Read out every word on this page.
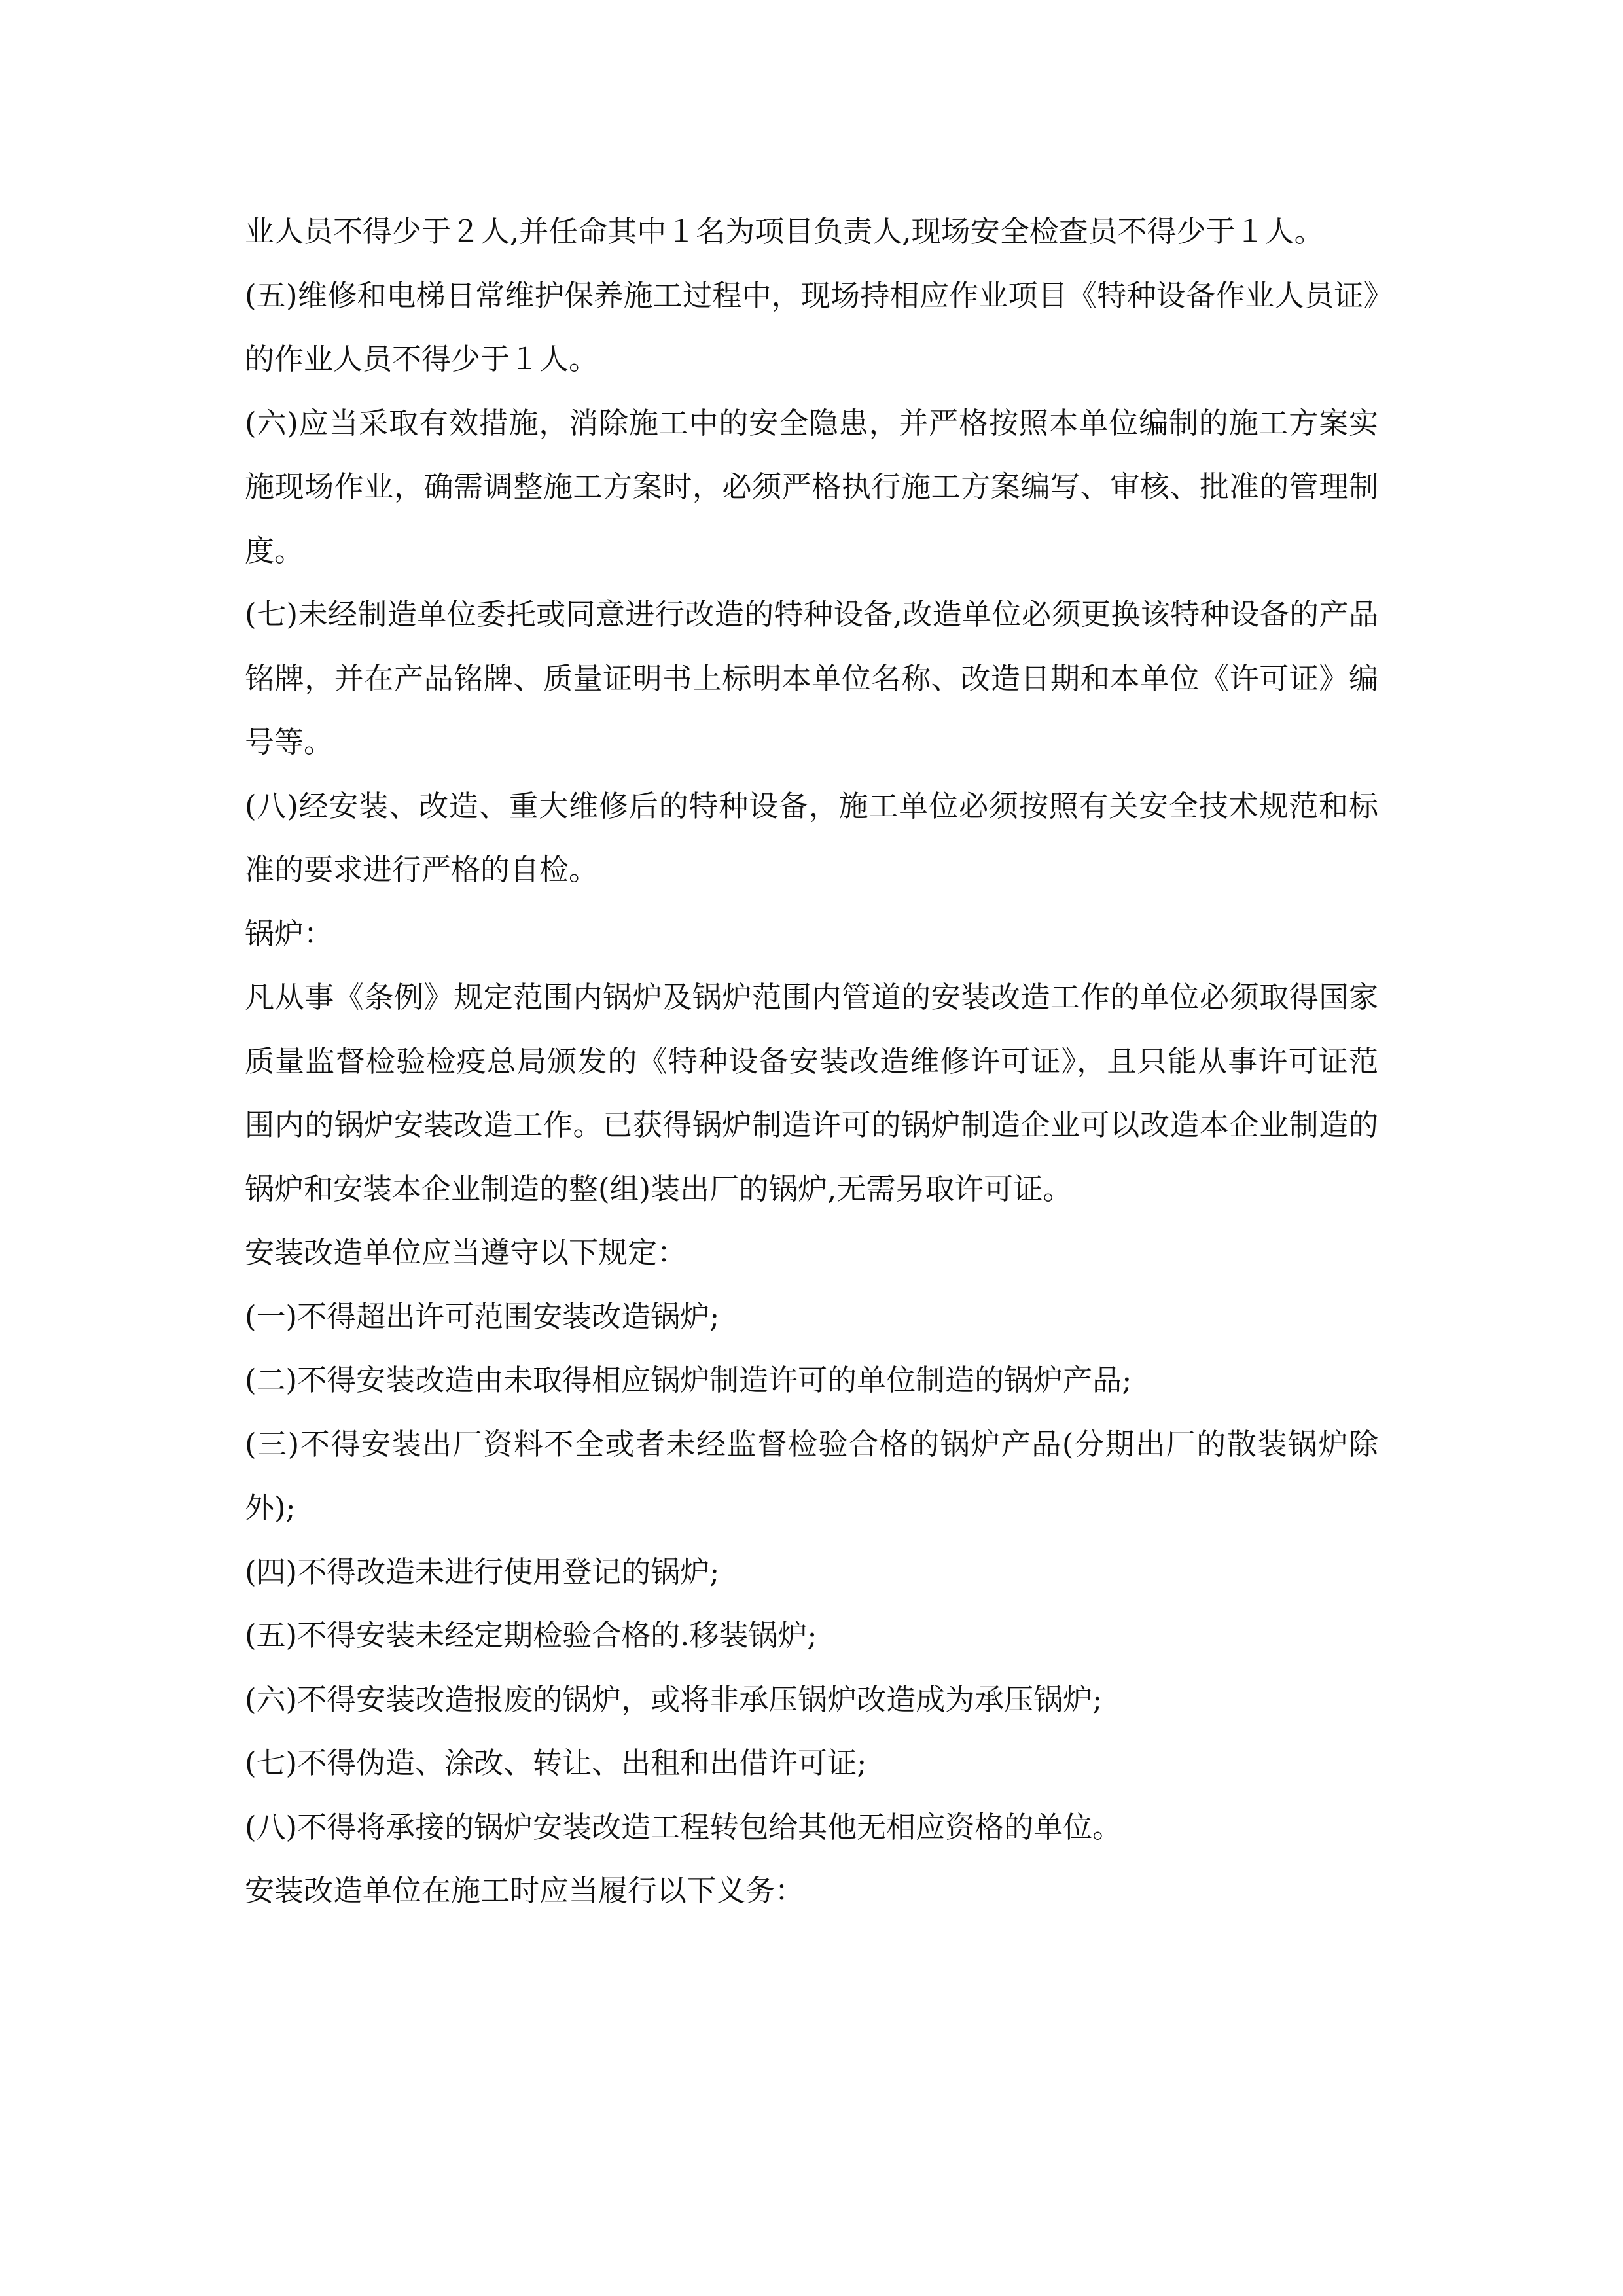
业人员不得少于２人,并任命其中１名为项目负责人,现场安全检查员不得少于１人。

(五)维修和电梯日常维护保养施工过程中，现场持相应作业项目《特种设备作业人员证》的作业人员不得少于１人。

(六)应当采取有效措施，消除施工中的安全隐患，并严格按照本单位编制的施工方案实施现场作业，确需调整施工方案时，必须严格执行施工方案编写、审核、批准的管理制度。

(七)未经制造单位委托或同意进行改造的特种设备,改造单位必须更换该特种设备的产品铭牌，并在产品铭牌、质量证明书上标明本单位名称、改造日期和本单位《许可证》编号等。

(八)经安装、改造、重大维修后的特种设备，施工单位必须按照有关安全技术规范和标准的要求进行严格的自检。

锅炉：

凡从事《条例》规定范围内锅炉及锅炉范围内管道的安装改造工作的单位必须取得国家质量监督检验检疫总局颁发的《特种设备安装改造维修许可证》，且只能从事许可证范围内的锅炉安装改造工作。已获得锅炉制造许可的锅炉制造企业可以改造本企业制造的锅炉和安装本企业制造的整(组)装出厂的锅炉,无需另取许可证。

安装改造单位应当遵守以下规定：

(一)不得超出许可范围安装改造锅炉;

(二)不得安装改造由未取得相应锅炉制造许可的单位制造的锅炉产品;

(三)不得安装出厂资料不全或者未经监督检验合格的锅炉产品(分期出厂的散装锅炉除外);

(四)不得改造未进行使用登记的锅炉;

(五)不得安装未经定期检验合格的.移装锅炉;

(六)不得安装改造报废的锅炉，或将非承压锅炉改造成为承压锅炉;

(七)不得伪造、涂改、转让、出租和出借许可证;

(八)不得将承接的锅炉安装改造工程转包给其他无相应资格的单位。

安装改造单位在施工时应当履行以下义务：
